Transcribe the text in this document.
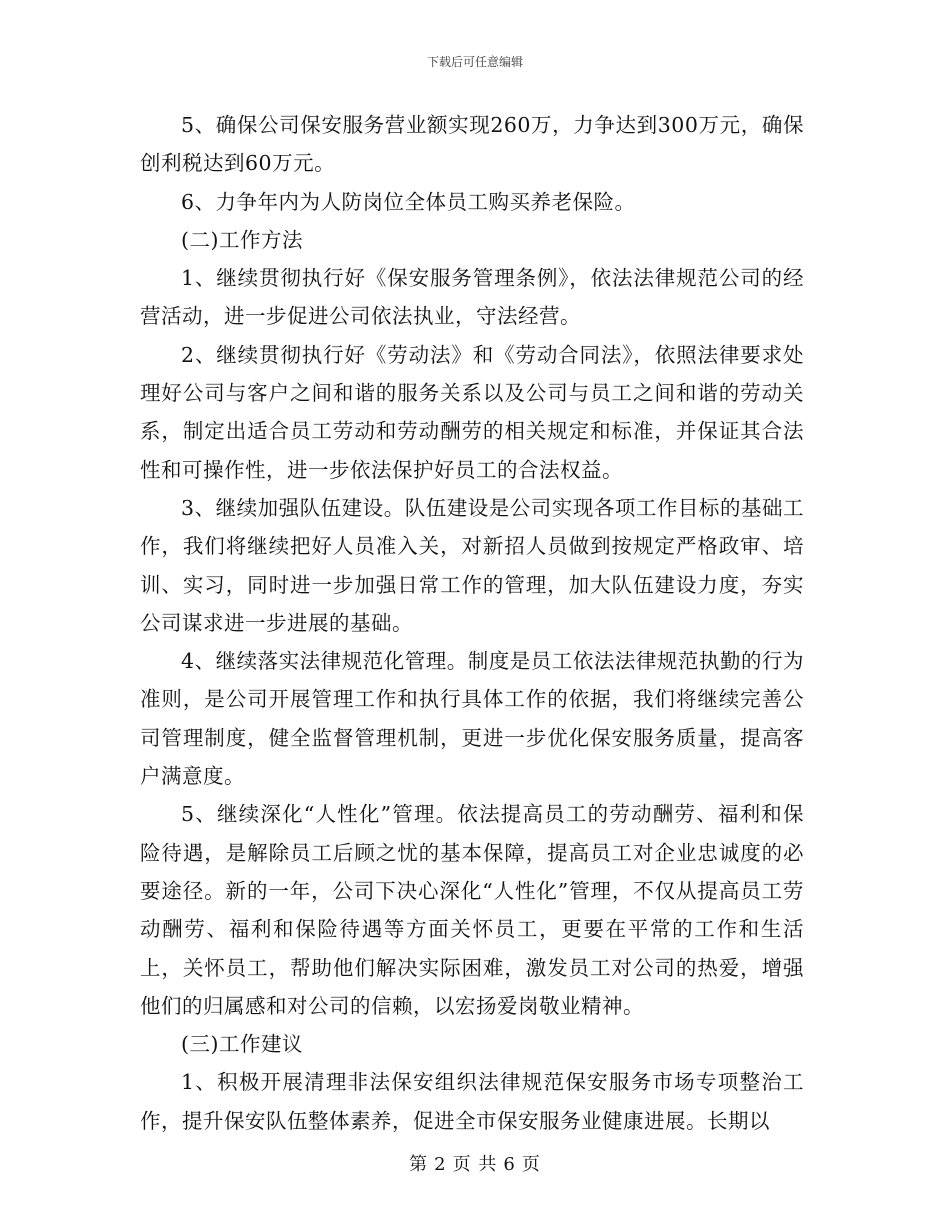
下载后可任意编辑

5、确保公司保安服务营业额实现260万，力争达到300万元，确保创利税达到60万元。

6、力争年内为人防岗位全体员工购买养老保险。

(二)工作方法

1、继续贯彻执行好《保安服务管理条例》，依法法律规范公司的经营活动，进一步促进公司依法执业，守法经营。

2、继续贯彻执行好《劳动法》和《劳动合同法》，依照法律要求处理好公司与客户之间和谐的服务关系以及公司与员工之间和谐的劳动关系，制定出适合员工劳动和劳动酬劳的相关规定和标准，并保证其合法性和可操作性，进一步依法保护好员工的合法权益。

3、继续加强队伍建设。队伍建设是公司实现各项工作目标的基础工作，我们将继续把好人员准入关，对新招人员做到按规定严格政审、培训、实习，同时进一步加强日常工作的管理，加大队伍建设力度，夯实公司谋求进一步进展的基础。

4、继续落实法律规范化管理。制度是员工依法法律规范执勤的行为准则，是公司开展管理工作和执行具体工作的依据，我们将继续完善公司管理制度，健全监督管理机制，更进一步优化保安服务质量，提高客户满意度。

5、继续深化“人性化”管理。依法提高员工的劳动酬劳、福利和保险待遇，是解除员工后顾之忧的基本保障，提高员工对企业忠诚度的必要途径。新的一年，公司下决心深化“人性化”管理，不仅从提高员工劳动酬劳、福利和保险待遇等方面关怀员工，更要在平常的工作和生活上，关怀员工，帮助他们解决实际困难，激发员工对公司的热爱，增强他们的归属感和对公司的信赖，以宏扬爱岗敬业精神。

(三)工作建议

1、积极开展清理非法保安组织法律规范保安服务市场专项整治工作，提升保安队伍整体素养，促进全市保安服务业健康进展。长期以

第 2 页 共 6 页
